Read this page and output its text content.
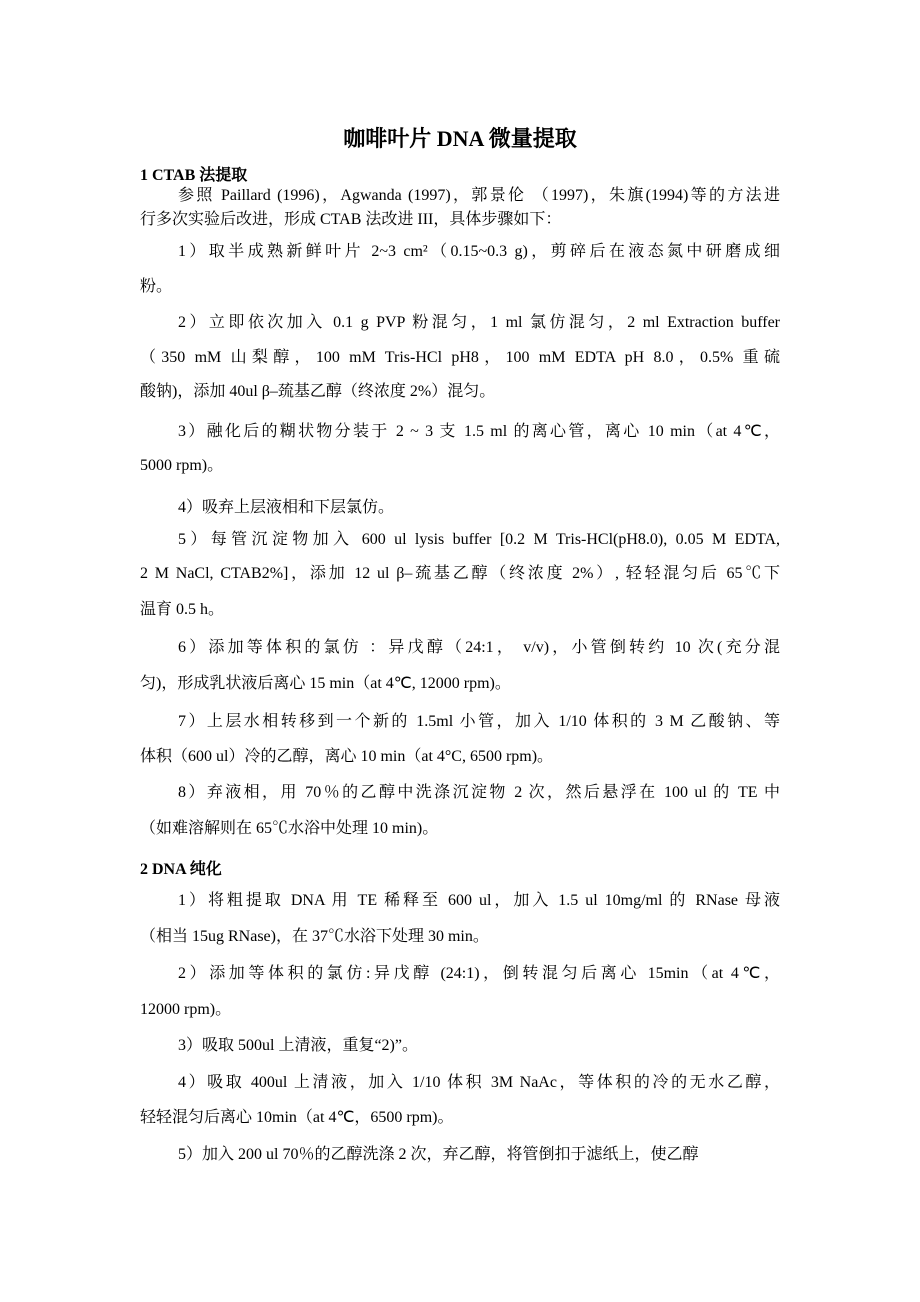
咖啡叶片 DNA 微量提取
1 CTAB 法提取
参照 Paillard (1996)，Agwanda (1997)，郭景伦 （1997)，朱旗(1994)等的方法进
行多次实验后改进，形成 CTAB 法改进 III，具体步骤如下：
1）取半成熟新鲜叶片 2~3 cm²（0.15~0.3 g)，剪碎后在液态氮中研磨成细
粉。
2）立即依次加入 0.1 g PVP 粉混匀，1 ml 氯仿混匀，2 ml Extraction buffer
（350 mM 山梨醇，100 mM Tris-HCl pH8，100 mM EDTA pH 8.0，0.5% 重硫
酸钠)，添加 40ul β–巯基乙醇（终浓度 2%）混匀。
3）融化后的糊状物分装于 2 ~ 3 支 1.5 ml 的离心管，离心 10 min（at 4℃，
5000 rpm)。
4）吸弃上层液相和下层氯仿。
5）每管沉淀物加入 600 ul lysis buffer [0.2 M Tris-HCl(pH8.0), 0.05 M EDTA,
2 M NaCl, CTAB2%]，添加 12 ul β–巯基乙醇（终浓度 2%）, 轻轻混匀后 65℃下
温育 0.5 h。
6）添加等体积的氯仿 ：异戊醇（24:1， v/v)，小管倒转约 10 次(充分混
匀)，形成乳状液后离心 15 min（at 4℃, 12000 rpm)。
7）上层水相转移到一个新的 1.5ml 小管，加入 1/10 体积的 3 M 乙酸钠、等
体积（600 ul）冷的乙醇，离心 10 min（at 4°C, 6500 rpm)。
8）弃液相，用 70％的乙醇中洗涤沉淀物 2 次，然后悬浮在 100 ul 的 TE 中
（如难溶解则在 65℃水浴中处理 10 min)。
2 DNA 纯化
1）将粗提取 DNA 用 TE 稀释至 600 ul，加入 1.5 ul 10mg/ml 的 RNase 母液
（相当 15ug RNase)，在 37℃水浴下处理 30 min。
2）添加等体积的氯仿:异戊醇 (24:1)，倒转混匀后离心 15min（at 4℃，
12000 rpm)。
3）吸取 500ul 上清液，重复“2)”。
4）吸取 400ul 上清液，加入 1/10 体积 3M NaAc，等体积的冷的无水乙醇，
轻轻混匀后离心 10min（at 4℃，6500 rpm)。
5）加入 200 ul 70％的乙醇洗涤 2 次，弃乙醇，将管倒扣于滤纸上，使乙醇
